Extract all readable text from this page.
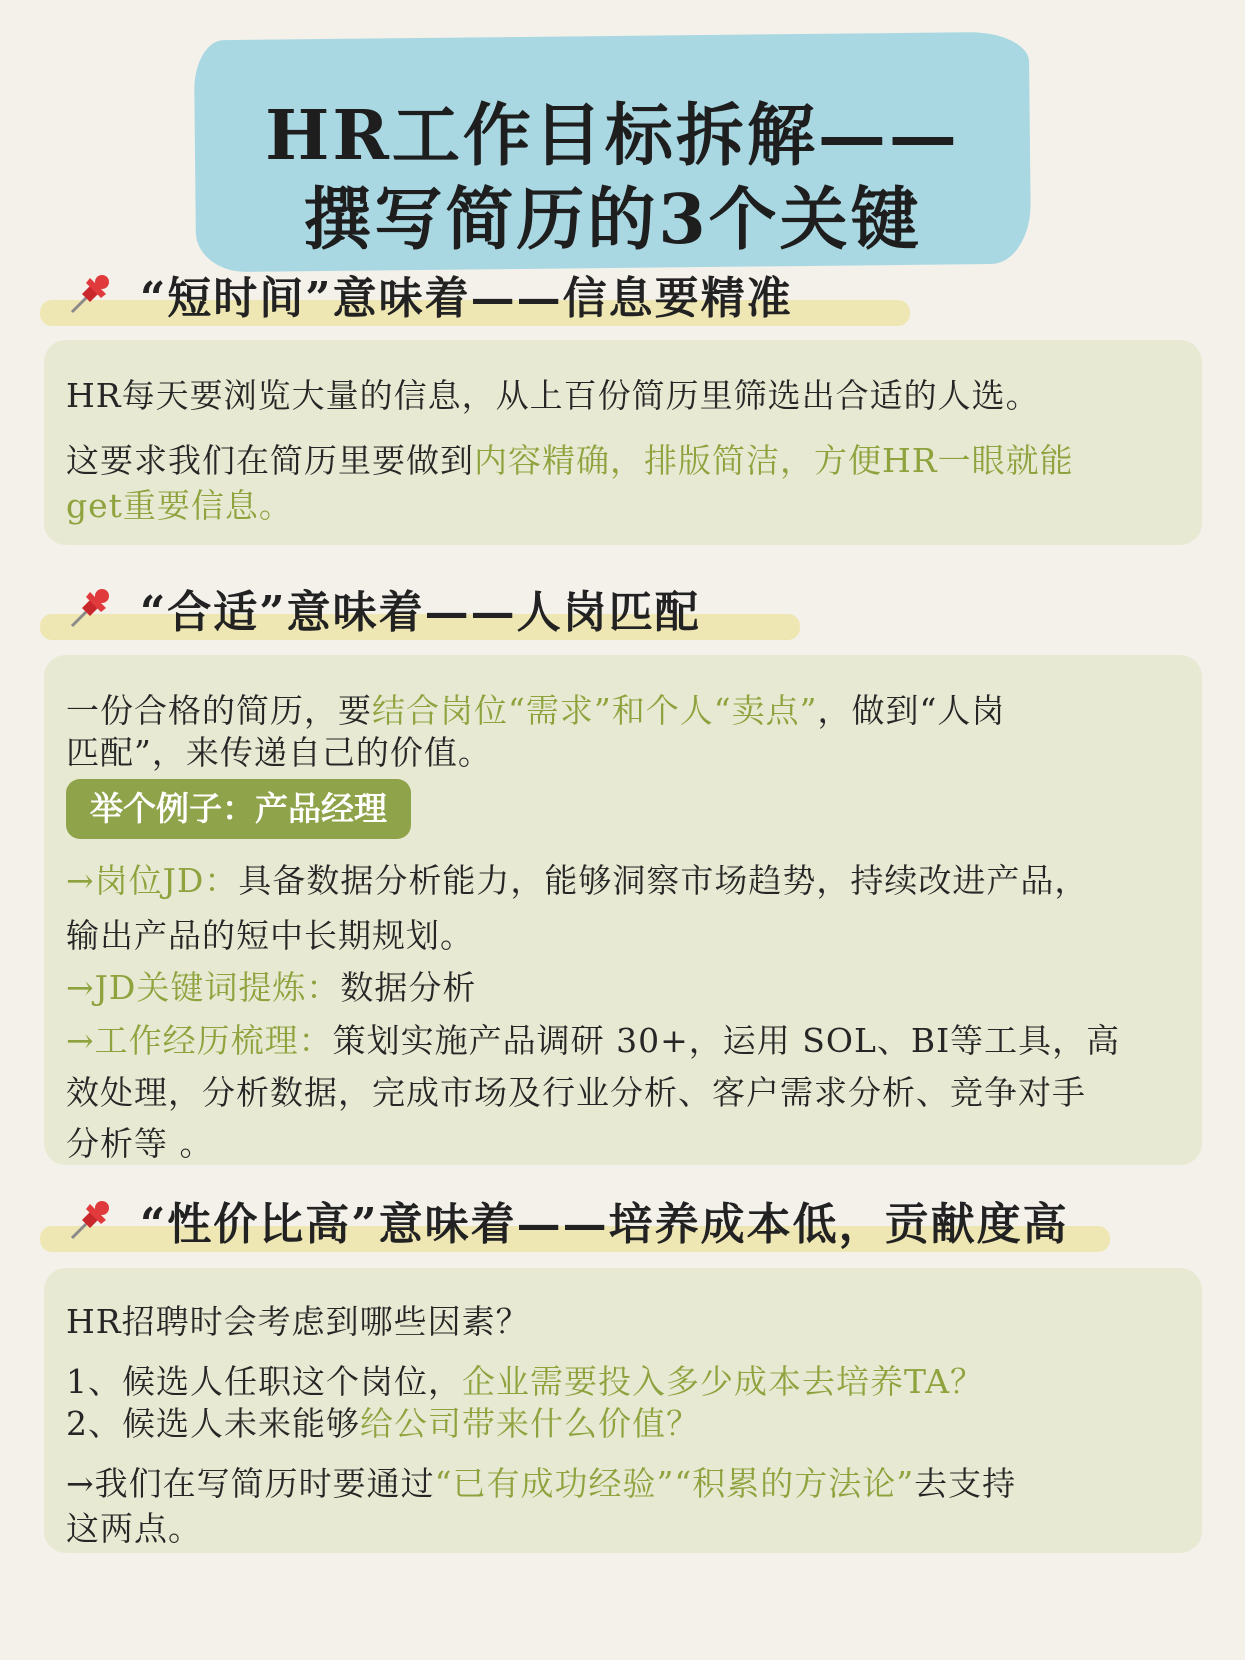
HR工作目标拆解——
撰写简历的3个关键
“短时间”意味着——信息要精准
HR每天要浏览大量的信息，从上百份简历里筛选出合适的人选。
这要求我们在简历里要做到内容精确，排版简洁，方便HR一眼就能
get重要信息。
“合适”意味着——人岗匹配
一份合格的简历，要结合岗位“需求”和个人“卖点”，做到“人岗
匹配”，来传递自己的价值。
举个例子：产品经理
→岗位JD：具备数据分析能力，能够洞察市场趋势，持续改进产品，
输出产品的短中长期规划。
→JD关键词提炼：数据分析
→工作经历梳理：策划实施产品调研 30+，运用 SOL、BI等工具，高
效处理，分析数据，完成市场及行业分析、客户需求分析、竞争对手
分析等 。
“性价比高”意味着——培养成本低，贡献度高
HR招聘时会考虑到哪些因素？
1、候选人任职这个岗位，企业需要投入多少成本去培养TA？
2、候选人未来能够给公司带来什么价值？
→我们在写简历时要通过“已有成功经验”“积累的方法论”去支持
这两点。
